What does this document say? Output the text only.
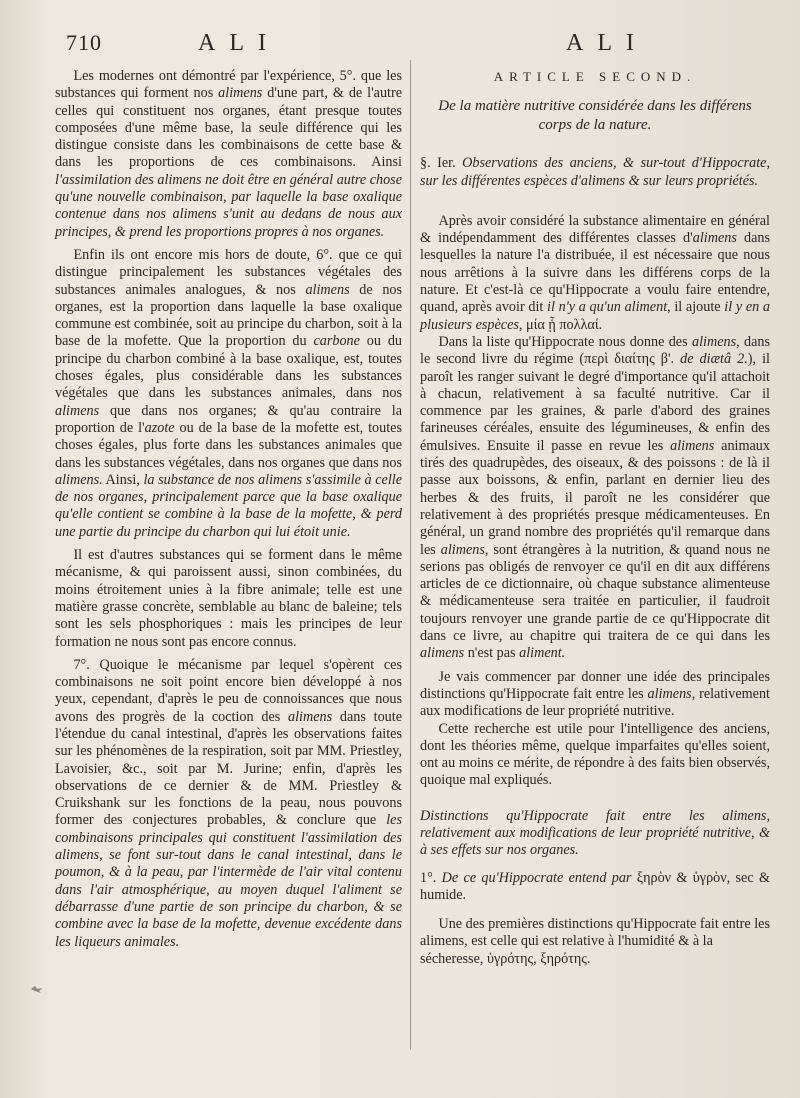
710	ALI	ALI

Les modernes ont démontré par l'expérience, 5°. que les substances qui forment nos alimens d'une part, & de l'autre celles qui constituent nos organes, étant presque toutes composées d'une même base, la seule différence qui les distingue consiste dans les combinaisons de cette base & dans les proportions de ces combinaisons. Ainsi l'assimilation des alimens ne doit être en général autre chose qu'une nouvelle combinaison, par laquelle la base oxalique contenue dans nos alimens s'unit au dedans de nous aux principes, & prend les proportions propres à nos organes.

Enfin ils ont encore mis hors de doute, 6°. que ce qui distingue principalement les substances végétales des substances animales analogues, & nos alimens de nos organes, est la proportion dans laquelle la base oxalique commune est combinée, soit au principe du charbon, soit à la base de la mofette. Que la proportion du carbone ou du principe du charbon combiné à la base oxalique, est, toutes choses égales, plus considérable dans les substances végétales que dans les substances animales, dans nos alimens que dans nos organes; & qu'au contraire la proportion de l'azote ou de la base de la mofette est, toutes choses égales, plus forte dans les substances animales que dans les substances végétales, dans nos organes que dans nos alimens. Ainsi, la substance de nos alimens s'assimile à celle de nos organes, principalement parce que la base oxalique qu'elle contient se combine à la base de la mofette, & perd une partie du principe du charbon qui lui étoit unie.

Il est d'autres substances qui se forment dans le même mécanisme, & qui paroissent aussi, sinon combinées, du moins étroitement unies à la fibre animale; telle est une matière grasse concrète, semblable au blanc de baleine; tels sont les sels phosphoriques : mais les principes de leur formation ne nous sont pas encore connus.

7°. Quoique le mécanisme par lequel s'opèrent ces combinaisons ne soit point encore bien développé à nos yeux, cependant, d'après le peu de connoissances que nous avons des progrès de la coction des alimens dans toute l'étendue du canal intestinal, d'après les observations faites sur les phénomènes de la respiration, soit par MM. Priestley, Lavoisier, &c., soit par M. Jurine; enfin, d'après les observations de ce dernier & de MM. Priestley & Cruikshank sur les fonctions de la peau, nous pouvons former des conjectures probables, & conclure que les combinaisons principales qui constituent l'assimilation des alimens, se font sur-tout dans le canal intestinal, dans le poumon, & à la peau, par l'intermède de l'air vital contenu dans l'air atmosphérique, au moyen duquel l'aliment se débarrasse d'une partie de son principe du charbon, & se combine avec la base de la mofette, devenue excédente dans les liqueurs animales.

ARTICLE SECOND.

De la matière nutritive considérée dans les différens corps de la nature.

§. Ier. Observations des anciens, & sur-tout d'Hippocrate, sur les différentes espèces d'alimens & sur leurs propriétés.

Après avoir considéré la substance alimentaire en général & indépendamment des différentes classes d'alimens dans lesquelles la nature l'a distribuée, il est nécessaire que nous nous arrêtions à la suivre dans les différens corps de la nature. Et c'est-là ce qu'Hippocrate a voulu faire entendre, quand, après avoir dit il n'y a qu'un aliment, il ajoute il y en a plusieurs espèces, μία ᾗ πολλαί.

Dans la liste qu'Hippocrate nous donne des alimens, dans le second livre du régime (περὶ διαίτης β'. de diætâ 2.), il paroît les ranger suivant le degré d'importance qu'il attachoit à chacun, relativement à sa faculté nutritive. Car il commence par les graines, & parle d'abord des graines farineuses céréales, ensuite des légumineuses, & enfin des émulsives. Ensuite il passe en revue les alimens animaux tirés des quadrupèdes, des oiseaux, & des poissons : de là il passe aux boissons, & enfin, parlant en dernier lieu des herbes & des fruits, il paroît ne les considérer que relativement à des propriétés presque médicamenteuses. En général, un grand nombre des propriétés qu'il remarque dans les alimens, sont étrangères à la nutrition, & quand nous ne serions pas obligés de renvoyer ce qu'il en dit aux différens articles de ce dictionnaire, où chaque substance alimenteuse & médicamenteuse sera traitée en particulier, il faudroit toujours renvoyer une grande partie de ce qu'Hippocrate dit dans ce livre, au chapitre qui traitera de ce qui dans les alimens n'est pas aliment.

Je vais commencer par donner une idée des principales distinctions qu'Hippocrate fait entre les alimens, relativement aux modifications de leur propriété nutritive.

Cette recherche est utile pour l'intelligence des anciens, dont les théories même, quelque imparfaites qu'elles soient, ont au moins ce mérite, de répondre à des faits bien observés, quoique mal expliqués.

Distinctions qu'Hippocrate fait entre les alimens, relativement aux modifications de leur propriété nutritive, & à ses effets sur nos organes.

1°. De ce qu'Hippocrate entend par ξηρὸν & ὑγρὸν, sec & humide.

Une des premières distinctions qu'Hippocrate fait entre les alimens, est celle qui est relative à l'humidité & à la sécheresse, ὑγρότης, ξηρότης.
